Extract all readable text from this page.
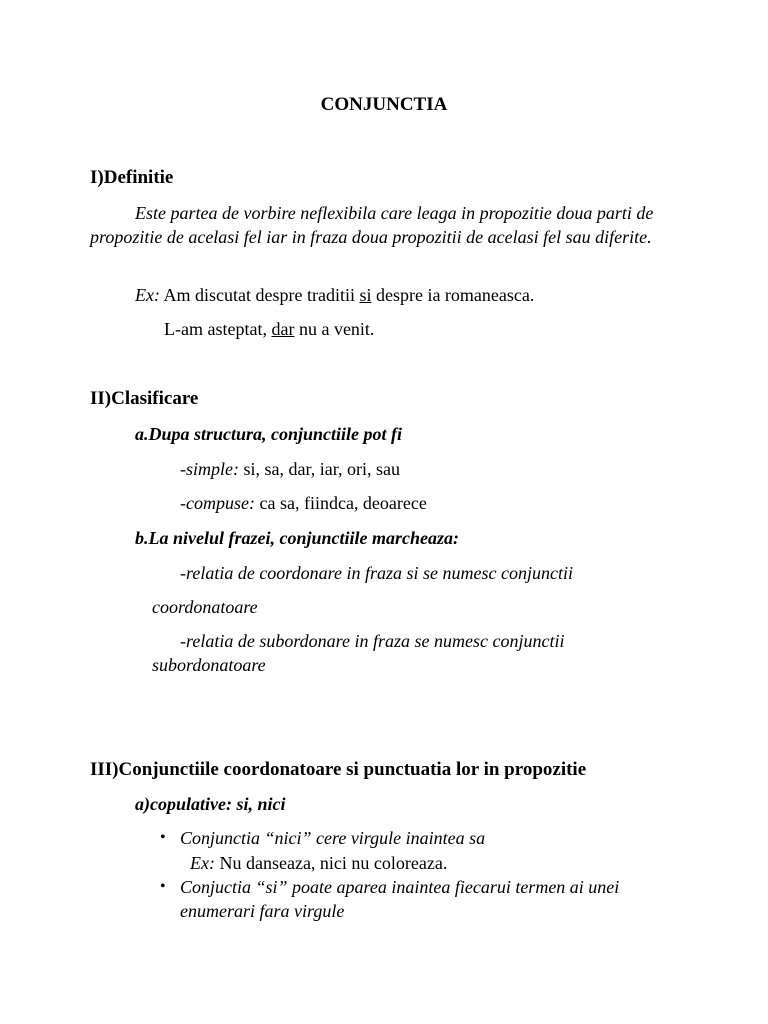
CONJUNCTIA
I)Definitie
Este partea de vorbire neflexibila care leaga in propozitie doua parti de propozitie de acelasi fel iar in fraza doua propozitii de acelasi fel sau diferite.
Ex: Am discutat despre traditii si despre ia romaneasca.
L-am asteptat, dar nu a venit.
II)Clasificare
a.Dupa structura, conjunctiile pot fi
-simple: si, sa, dar, iar, ori, sau
-compuse: ca sa, fiindca, deoarece
b.La nivelul frazei, conjunctiile marcheaza:
-relatia de coordonare in fraza si se numesc conjunctii
coordonatoare
-relatia de subordonare in fraza se numesc conjunctii
subordonatoare
III)Conjunctiile coordonatoare si punctuatia lor in propozitie
a)copulative: si, nici
• Conjunctia “nici” cere virgule inaintea sa
Ex: Nu danseaza, nici nu coloreaza.
• Conjuctia “si” poate aparea inaintea fiecarui termen ai unei
enumerari fara virgule
